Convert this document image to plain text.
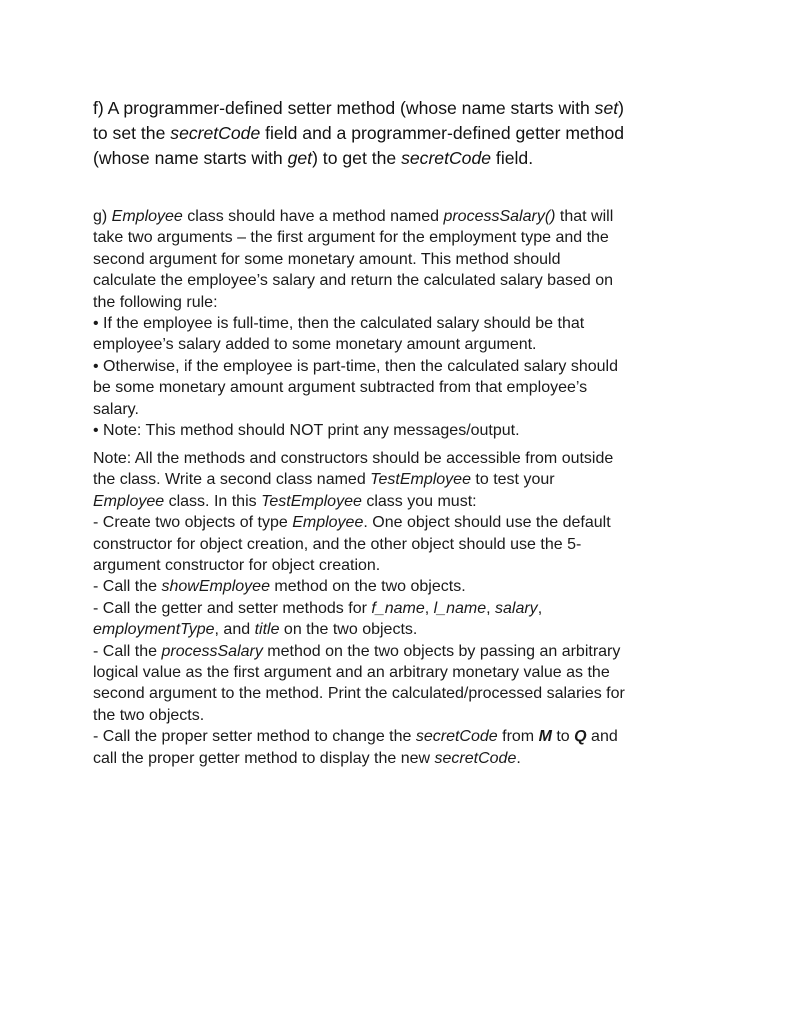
f) A programmer-defined setter method (whose name starts with set)
to set the secretCode field and a programmer-defined getter method
(whose name starts with get) to get the secretCode field.
g) Employee class should have a method named processSalary() that will
take two arguments – the first argument for the employment type and the
second argument for some monetary amount. This method should
calculate the employee’s salary and return the calculated salary based on
the following rule:
• If the employee is full-time, then the calculated salary should be that
employee’s salary added to some monetary amount argument.
• Otherwise, if the employee is part-time, then the calculated salary should
be some monetary amount argument subtracted from that employee’s
salary.
• Note: This method should NOT print any messages/output.
Note: All the methods and constructors should be accessible from outside
the class. Write a second class named TestEmployee to test your
Employee class. In this TestEmployee class you must:
- Create two objects of type Employee. One object should use the default
constructor for object creation, and the other object should use the 5-
argument constructor for object creation.
- Call the showEmployee method on the two objects.
- Call the getter and setter methods for f_name, l_name, salary,
employmentType, and title on the two objects.
- Call the processSalary method on the two objects by passing an arbitrary
logical value as the first argument and an arbitrary monetary value as the
second argument to the method. Print the calculated/processed salaries for
the two objects.
- Call the proper setter method to change the secretCode from M to Q and
call the proper getter method to display the new secretCode.
